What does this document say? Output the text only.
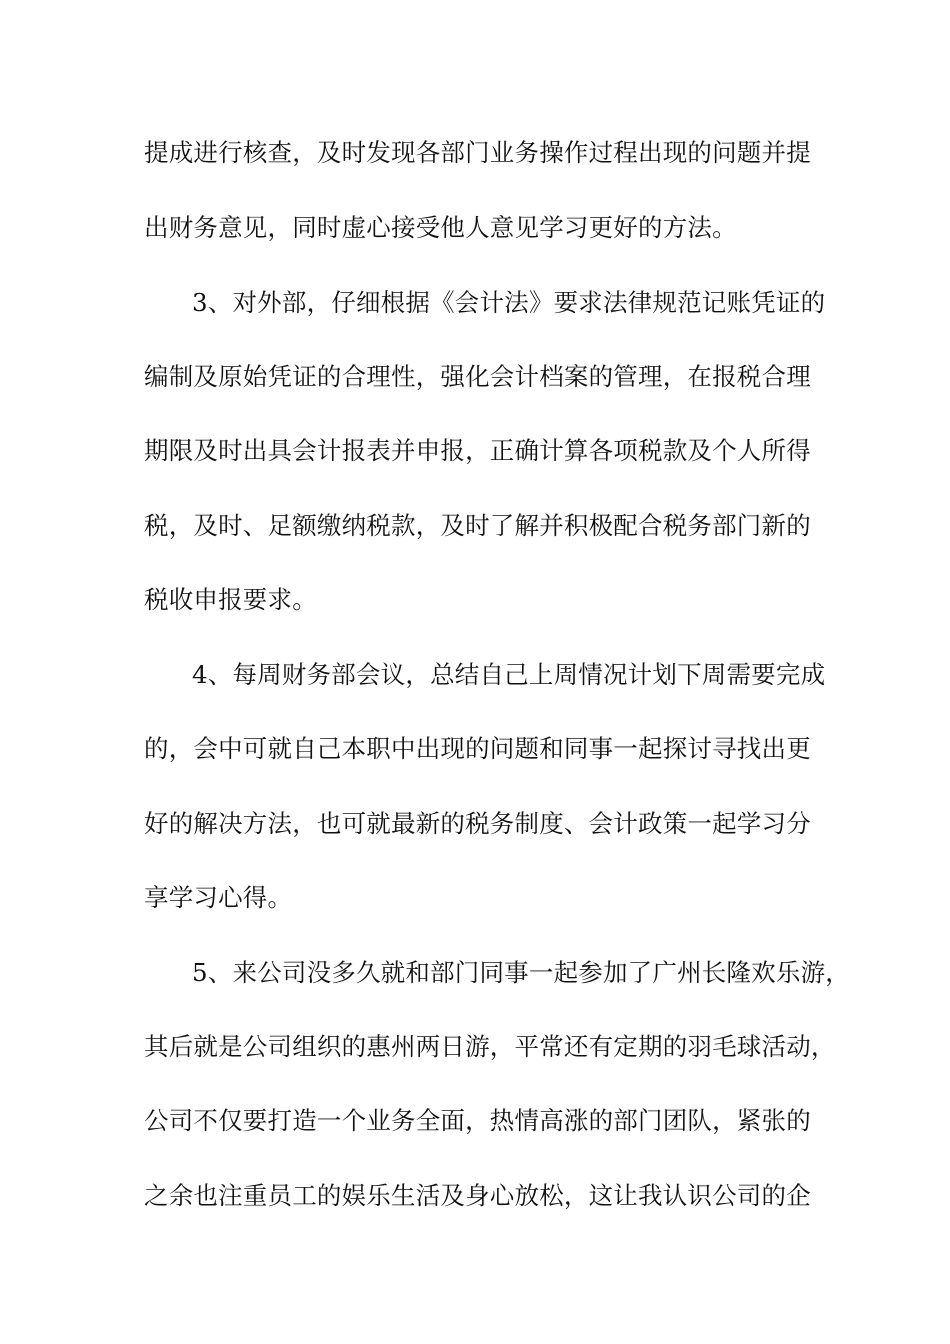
提成进行核查，及时发现各部门业务操作过程出现的问题并提
出财务意见，同时虚心接受他人意见学习更好的方法。
3、对外部，仔细根据《会计法》要求法律规范记账凭证的
编制及原始凭证的合理性，强化会计档案的管理，在报税合理
期限及时出具会计报表并申报，正确计算各项税款及个人所得
税，及时、足额缴纳税款，及时了解并积极配合税务部门新的
税收申报要求。
4、每周财务部会议，总结自己上周情况计划下周需要完成
的，会中可就自己本职中出现的问题和同事一起探讨寻找出更
好的解决方法，也可就最新的税务制度、会计政策一起学习分
享学习心得。
5、来公司没多久就和部门同事一起参加了广州长隆欢乐游，
其后就是公司组织的惠州两日游，平常还有定期的羽毛球活动，
公司不仅要打造一个业务全面，热情高涨的部门团队，紧张的
之余也注重员工的娱乐生活及身心放松，这让我认识公司的企
